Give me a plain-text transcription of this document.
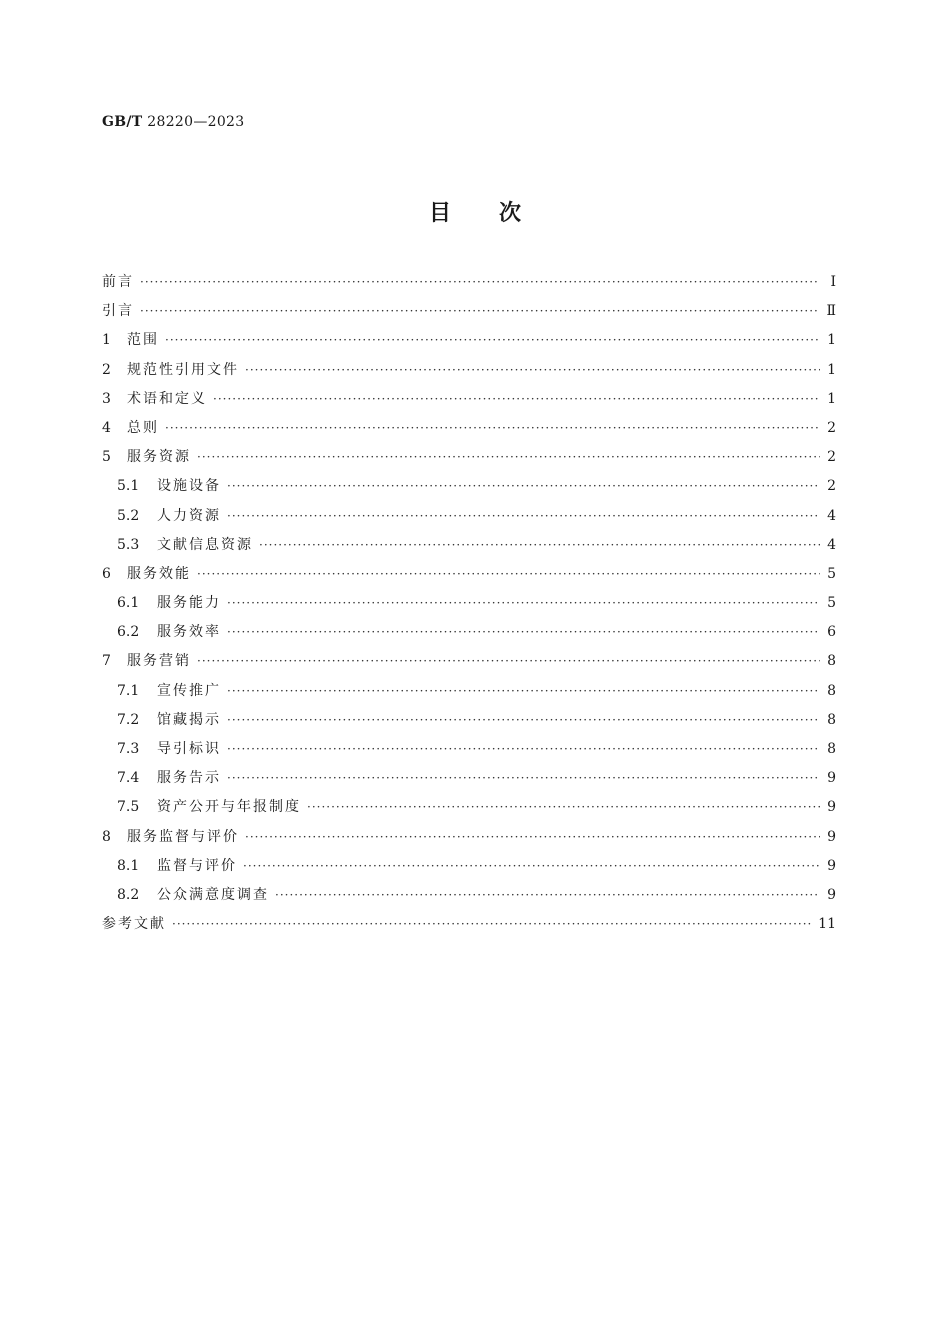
GB/T 28220—2023
目次
前言 ·····	Ⅰ
引言 ·····	Ⅱ
1	范围 ·····	1
2	规范性引用文件 ·····	1
3	术语和定义 ·····	1
4	总则 ·····	2
5	服务资源 ·····	2
5.1	设施设备 ·····	2
5.2	人力资源 ·····	4
5.3	文献信息资源 ·····	4
6	服务效能 ·····	5
6.1	服务能力 ·····	5
6.2	服务效率 ·····	6
7	服务营销 ·····	8
7.1	宣传推广 ·····	8
7.2	馆藏揭示 ·····	8
7.3	导引标识 ·····	8
7.4	服务告示 ·····	9
7.5	资产公开与年报制度 ·····	9
8	服务监督与评价 ·····	9
8.1	监督与评价 ·····	9
8.2	公众满意度调查 ·····	9
参考文献 ·····	11
